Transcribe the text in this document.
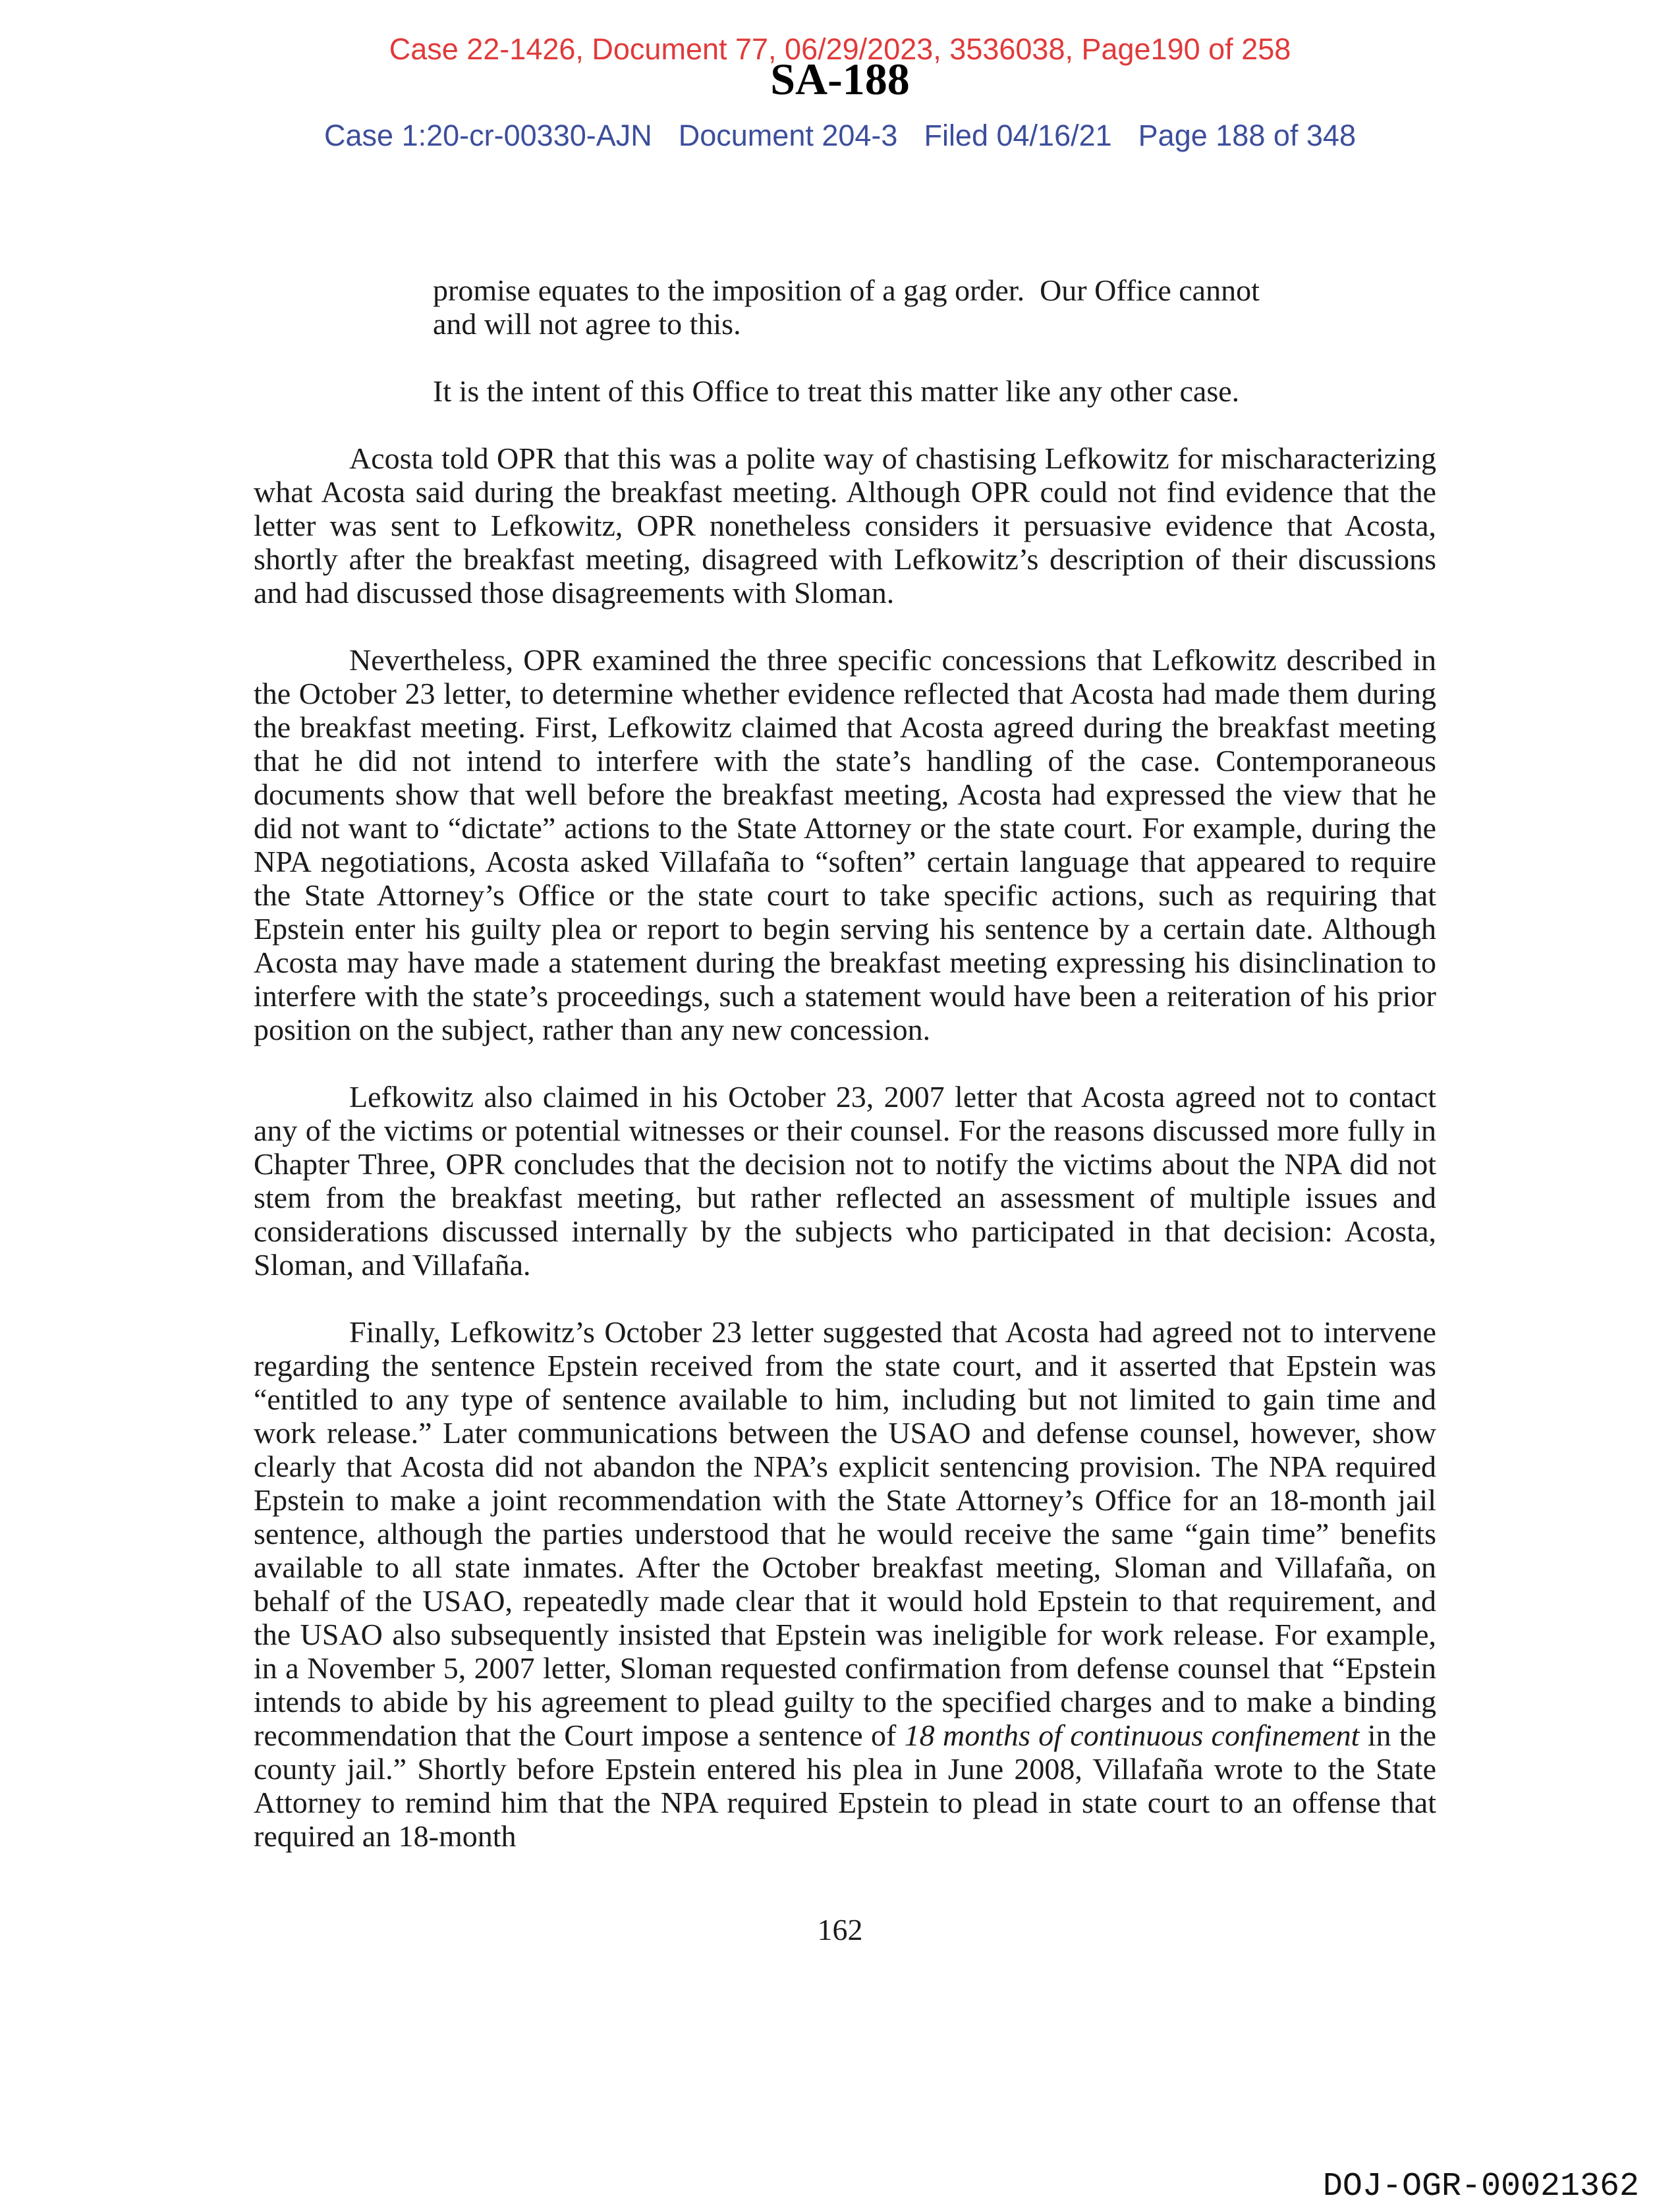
Case 22-1426, Document 77, 06/29/2023, 3536038, Page190 of 258
SA-188
Case 1:20-cr-00330-AJN Document 204-3 Filed 04/16/21 Page 188 of 348
promise equates to the imposition of a gag order.  Our Office cannot
and will not agree to this.
It is the intent of this Office to treat this matter like any other case.

Acosta told OPR that this was a polite way of chastising Lefkowitz for mischaracterizing what Acosta said during the breakfast meeting. Although OPR could not find evidence that the letter was sent to Lefkowitz, OPR nonetheless considers it persuasive evidence that Acosta, shortly after the breakfast meeting, disagreed with Lefkowitz’s description of their discussions and had discussed those disagreements with Sloman.

Nevertheless, OPR examined the three specific concessions that Lefkowitz described in the October 23 letter, to determine whether evidence reflected that Acosta had made them during the breakfast meeting. First, Lefkowitz claimed that Acosta agreed during the breakfast meeting that he did not intend to interfere with the state’s handling of the case. Contemporaneous documents show that well before the breakfast meeting, Acosta had expressed the view that he did not want to “dictate” actions to the State Attorney or the state court. For example, during the NPA negotiations, Acosta asked Villafaña to “soften” certain language that appeared to require the State Attorney’s Office or the state court to take specific actions, such as requiring that Epstein enter his guilty plea or report to begin serving his sentence by a certain date. Although Acosta may have made a statement during the breakfast meeting expressing his disinclination to interfere with the state’s proceedings, such a statement would have been a reiteration of his prior position on the subject, rather than any new concession.

Lefkowitz also claimed in his October 23, 2007 letter that Acosta agreed not to contact any of the victims or potential witnesses or their counsel. For the reasons discussed more fully in Chapter Three, OPR concludes that the decision not to notify the victims about the NPA did not stem from the breakfast meeting, but rather reflected an assessment of multiple issues and considerations discussed internally by the subjects who participated in that decision: Acosta, Sloman, and Villafaña.

Finally, Lefkowitz’s October 23 letter suggested that Acosta had agreed not to intervene regarding the sentence Epstein received from the state court, and it asserted that Epstein was “entitled to any type of sentence available to him, including but not limited to gain time and work release.” Later communications between the USAO and defense counsel, however, show clearly that Acosta did not abandon the NPA’s explicit sentencing provision. The NPA required Epstein to make a joint recommendation with the State Attorney’s Office for an 18-month jail sentence, although the parties understood that he would receive the same “gain time” benefits available to all state inmates. After the October breakfast meeting, Sloman and Villafaña, on behalf of the USAO, repeatedly made clear that it would hold Epstein to that requirement, and the USAO also subsequently insisted that Epstein was ineligible for work release. For example, in a November 5, 2007 letter, Sloman requested confirmation from defense counsel that “Epstein intends to abide by his agreement to plead guilty to the specified charges and to make a binding recommendation that the Court impose a sentence of 18 months of continuous confinement in the county jail.” Shortly before Epstein entered his plea in June 2008, Villafaña wrote to the State Attorney to remind him that the NPA required Epstein to plead in state court to an offense that required an 18-month

162
DOJ-OGR-00021362
